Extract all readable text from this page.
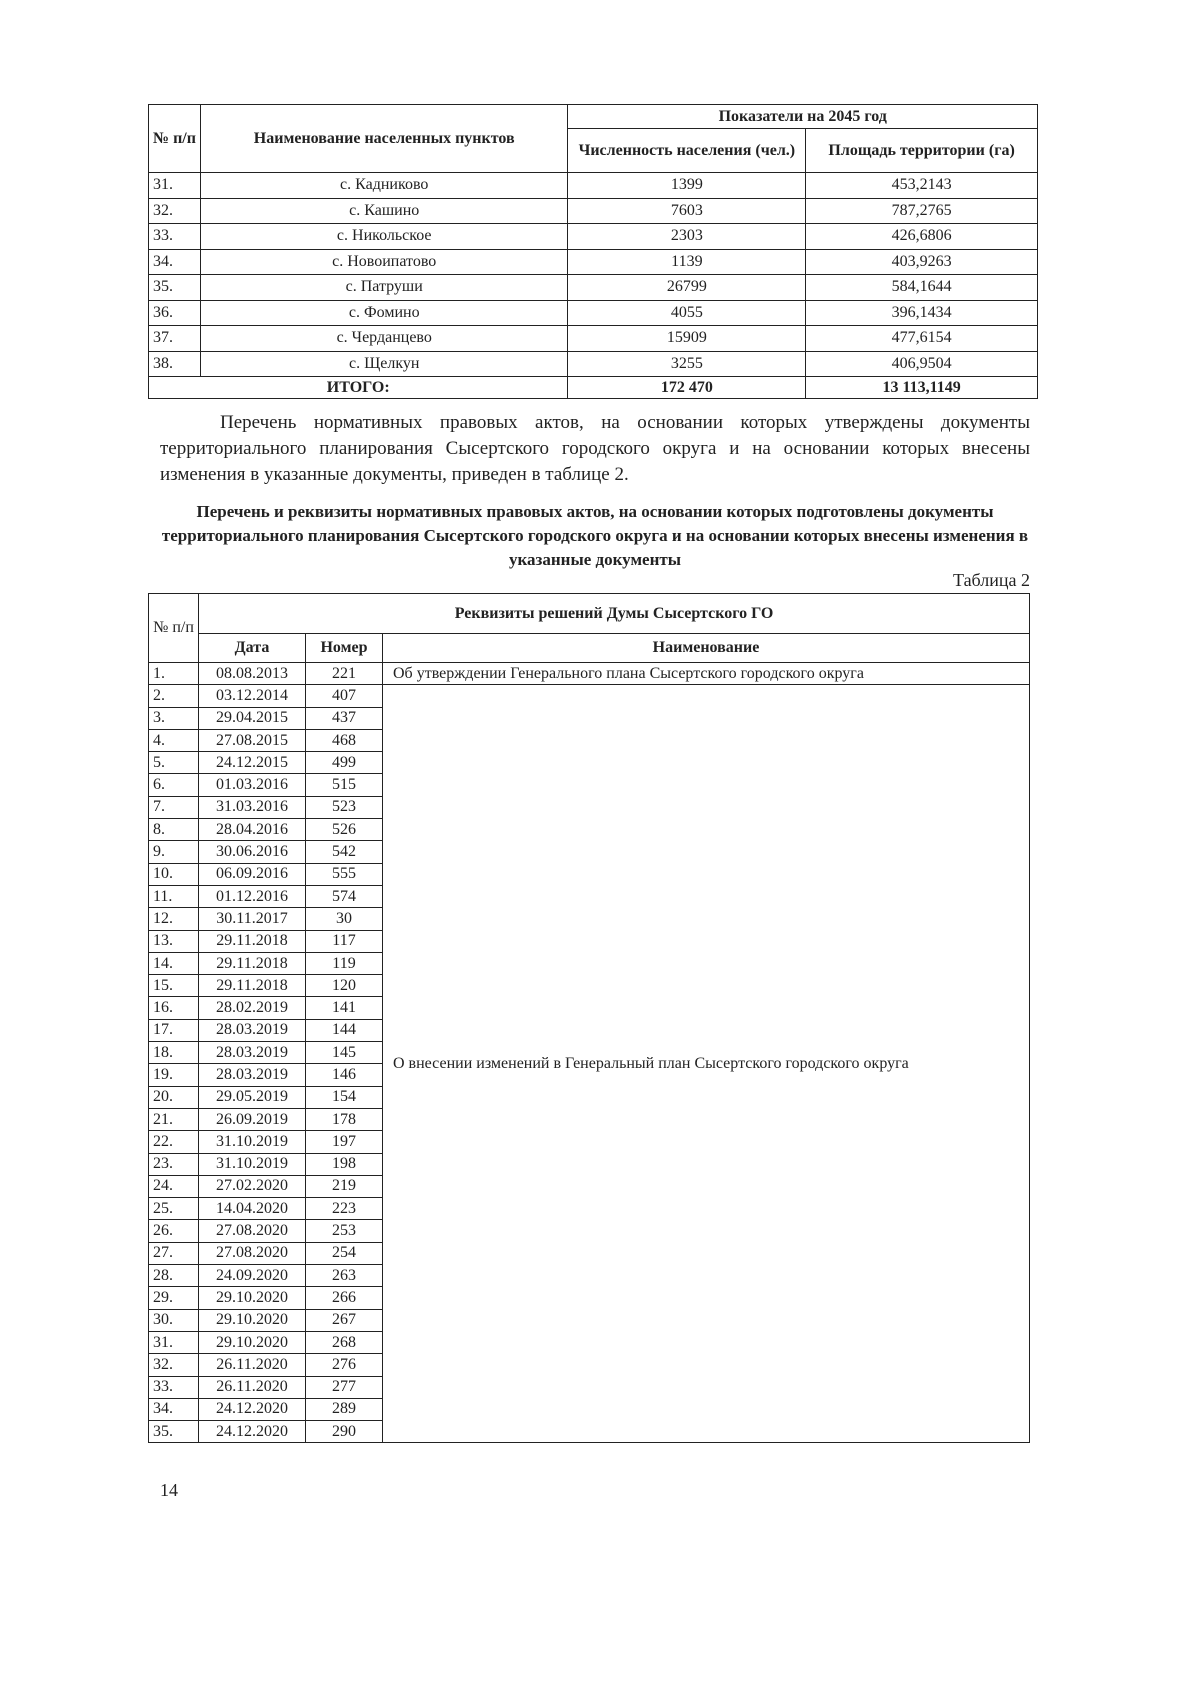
№ п/п	Наименование населенных пунктов	Показатели на 2045 год	
		Численность населения (чел.)	Площадь территории (га)
31.	с. Кадниково	1399	453,2143
32.	с. Кашино	7603	787,2765
33.	с. Никольское	2303	426,6806
34.	с. Новоипатово	1139	403,9263
35.	с. Патруши	26799	584,1644
36.	с. Фомино	4055	396,1434
37.	с. Черданцево	15909	477,6154
38.	с. Щелкун	3255	406,9504
ИТОГО:		172 470	13 113,1149
Перечень нормативных правовых актов, на основании которых утверждены документы территориального планирования Сысертского городского округа и на основании которых внесены изменения в указанные документы, приведен в таблице 2.
Перечень и реквизиты нормативных правовых актов, на основании которых подготовлены документы территориального планирования Сысертского городского округа и на основании которых внесены изменения в указанные документы
Таблица 2
№ п/п	Реквизиты решений Думы Сысертского ГО		
	Дата	Номер	Наименование
1.	08.08.2013	221	Об утверждении Генерального плана Сысертского городского округа
2.	03.12.2014	407	О внесении изменений в Генеральный план Сысертского городского округа
3.	29.04.2015	437	
4.	27.08.2015	468	
5.	24.12.2015	499	
6.	01.03.2016	515	
7.	31.03.2016	523	
8.	28.04.2016	526	
9.	30.06.2016	542	
10.	06.09.2016	555	
11.	01.12.2016	574	
12.	30.11.2017	30	
13.	29.11.2018	117	
14.	29.11.2018	119	
15.	29.11.2018	120	
16.	28.02.2019	141	
17.	28.03.2019	144	
18.	28.03.2019	145	
19.	28.03.2019	146	
20.	29.05.2019	154	
21.	26.09.2019	178	
22.	31.10.2019	197	
23.	31.10.2019	198	
24.	27.02.2020	219	
25.	14.04.2020	223	
26.	27.08.2020	253	
27.	27.08.2020	254	
28.	24.09.2020	263	
29.	29.10.2020	266	
30.	29.10.2020	267	
31.	29.10.2020	268	
32.	26.11.2020	276	
33.	26.11.2020	277	
34.	24.12.2020	289	
35.	24.12.2020	290	
14
